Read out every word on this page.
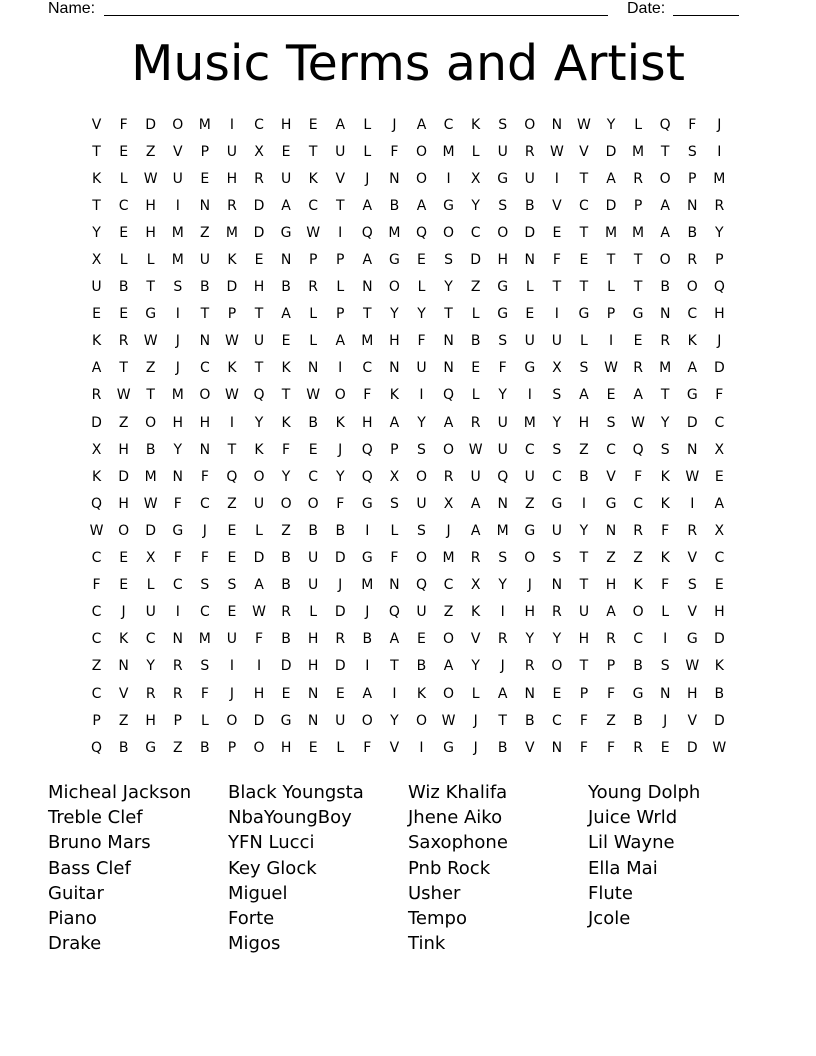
Name:	Date:
Music Terms and Artist
V	F	D	O	M	I	C	H	E	A	L	J	A	C	K	S	O	N	W	Y	L	Q	F	J
T	E	Z	V	P	U	X	E	T	U	L	F	O	M	L	U	R	W	V	D	M	T	S	I
K	L	W	U	E	H	R	U	K	V	J	N	O	I	X	G	U	I	T	A	R	O	P	M
T	C	H	I	N	R	D	A	C	T	A	B	A	G	Y	S	B	V	C	D	P	A	N	R
Y	E	H	M	Z	M	D	G	W	I	Q	M	Q	O	C	O	D	E	T	M	M	A	B	Y
X	L	L	M	U	K	E	N	P	P	A	G	E	S	D	H	N	F	E	T	T	O	R	P
U	B	T	S	B	D	H	B	R	L	N	O	L	Y	Z	G	L	T	T	L	T	B	O	Q
E	E	G	I	T	P	T	A	L	P	T	Y	Y	T	L	G	E	I	G	P	G	N	C	H
K	R	W	J	N	W	U	E	L	A	M	H	F	N	B	S	U	U	L	I	E	R	K	J
A	T	Z	J	C	K	T	K	N	I	C	N	U	N	E	F	G	X	S	W	R	M	A	D
R	W	T	M	O	W	Q	T	W	O	F	K	I	Q	L	Y	I	S	A	E	A	T	G	F
D	Z	O	H	H	I	Y	K	B	K	H	A	Y	A	R	U	M	Y	H	S	W	Y	D	C
X	H	B	Y	N	T	K	F	E	J	Q	P	S	O	W	U	C	S	Z	C	Q	S	N	X
K	D	M	N	F	Q	O	Y	C	Y	Q	X	O	R	U	Q	U	C	B	V	F	K	W	E
Q	H	W	F	C	Z	U	O	O	F	G	S	U	X	A	N	Z	G	I	G	C	K	I	A
W	O	D	G	J	E	L	Z	B	B	I	L	S	J	A	M	G	U	Y	N	R	F	R	X
C	E	X	F	F	E	D	B	U	D	G	F	O	M	R	S	O	S	T	Z	Z	K	V	C
F	E	L	C	S	S	A	B	U	J	M	N	Q	C	X	Y	J	N	T	H	K	F	S	E
C	J	U	I	C	E	W	R	L	D	J	Q	U	Z	K	I	H	R	U	A	O	L	V	H
C	K	C	N	M	U	F	B	H	R	B	A	E	O	V	R	Y	Y	H	R	C	I	G	D
Z	N	Y	R	S	I	I	D	H	D	I	T	B	A	Y	J	R	O	T	P	B	S	W	K
C	V	R	R	F	J	H	E	N	E	A	I	K	O	L	A	N	E	P	F	G	N	H	B
P	Z	H	P	L	O	D	G	N	U	O	Y	O	W	J	T	B	C	F	Z	B	J	V	D
Q	B	G	Z	B	P	O	H	E	L	F	V	I	G	J	B	V	N	F	F	R	E	D	W
Micheal Jackson
Treble Clef
Bruno Mars
Bass Clef
Guitar
Piano
Drake
Black Youngsta
NbaYoungBoy
YFN Lucci
Key Glock
Miguel
Forte
Migos
Wiz Khalifa
Jhene Aiko
Saxophone
Pnb Rock
Usher
Tempo
Tink
Young Dolph
Juice Wrld
Lil Wayne
Ella Mai
Flute
Jcole
